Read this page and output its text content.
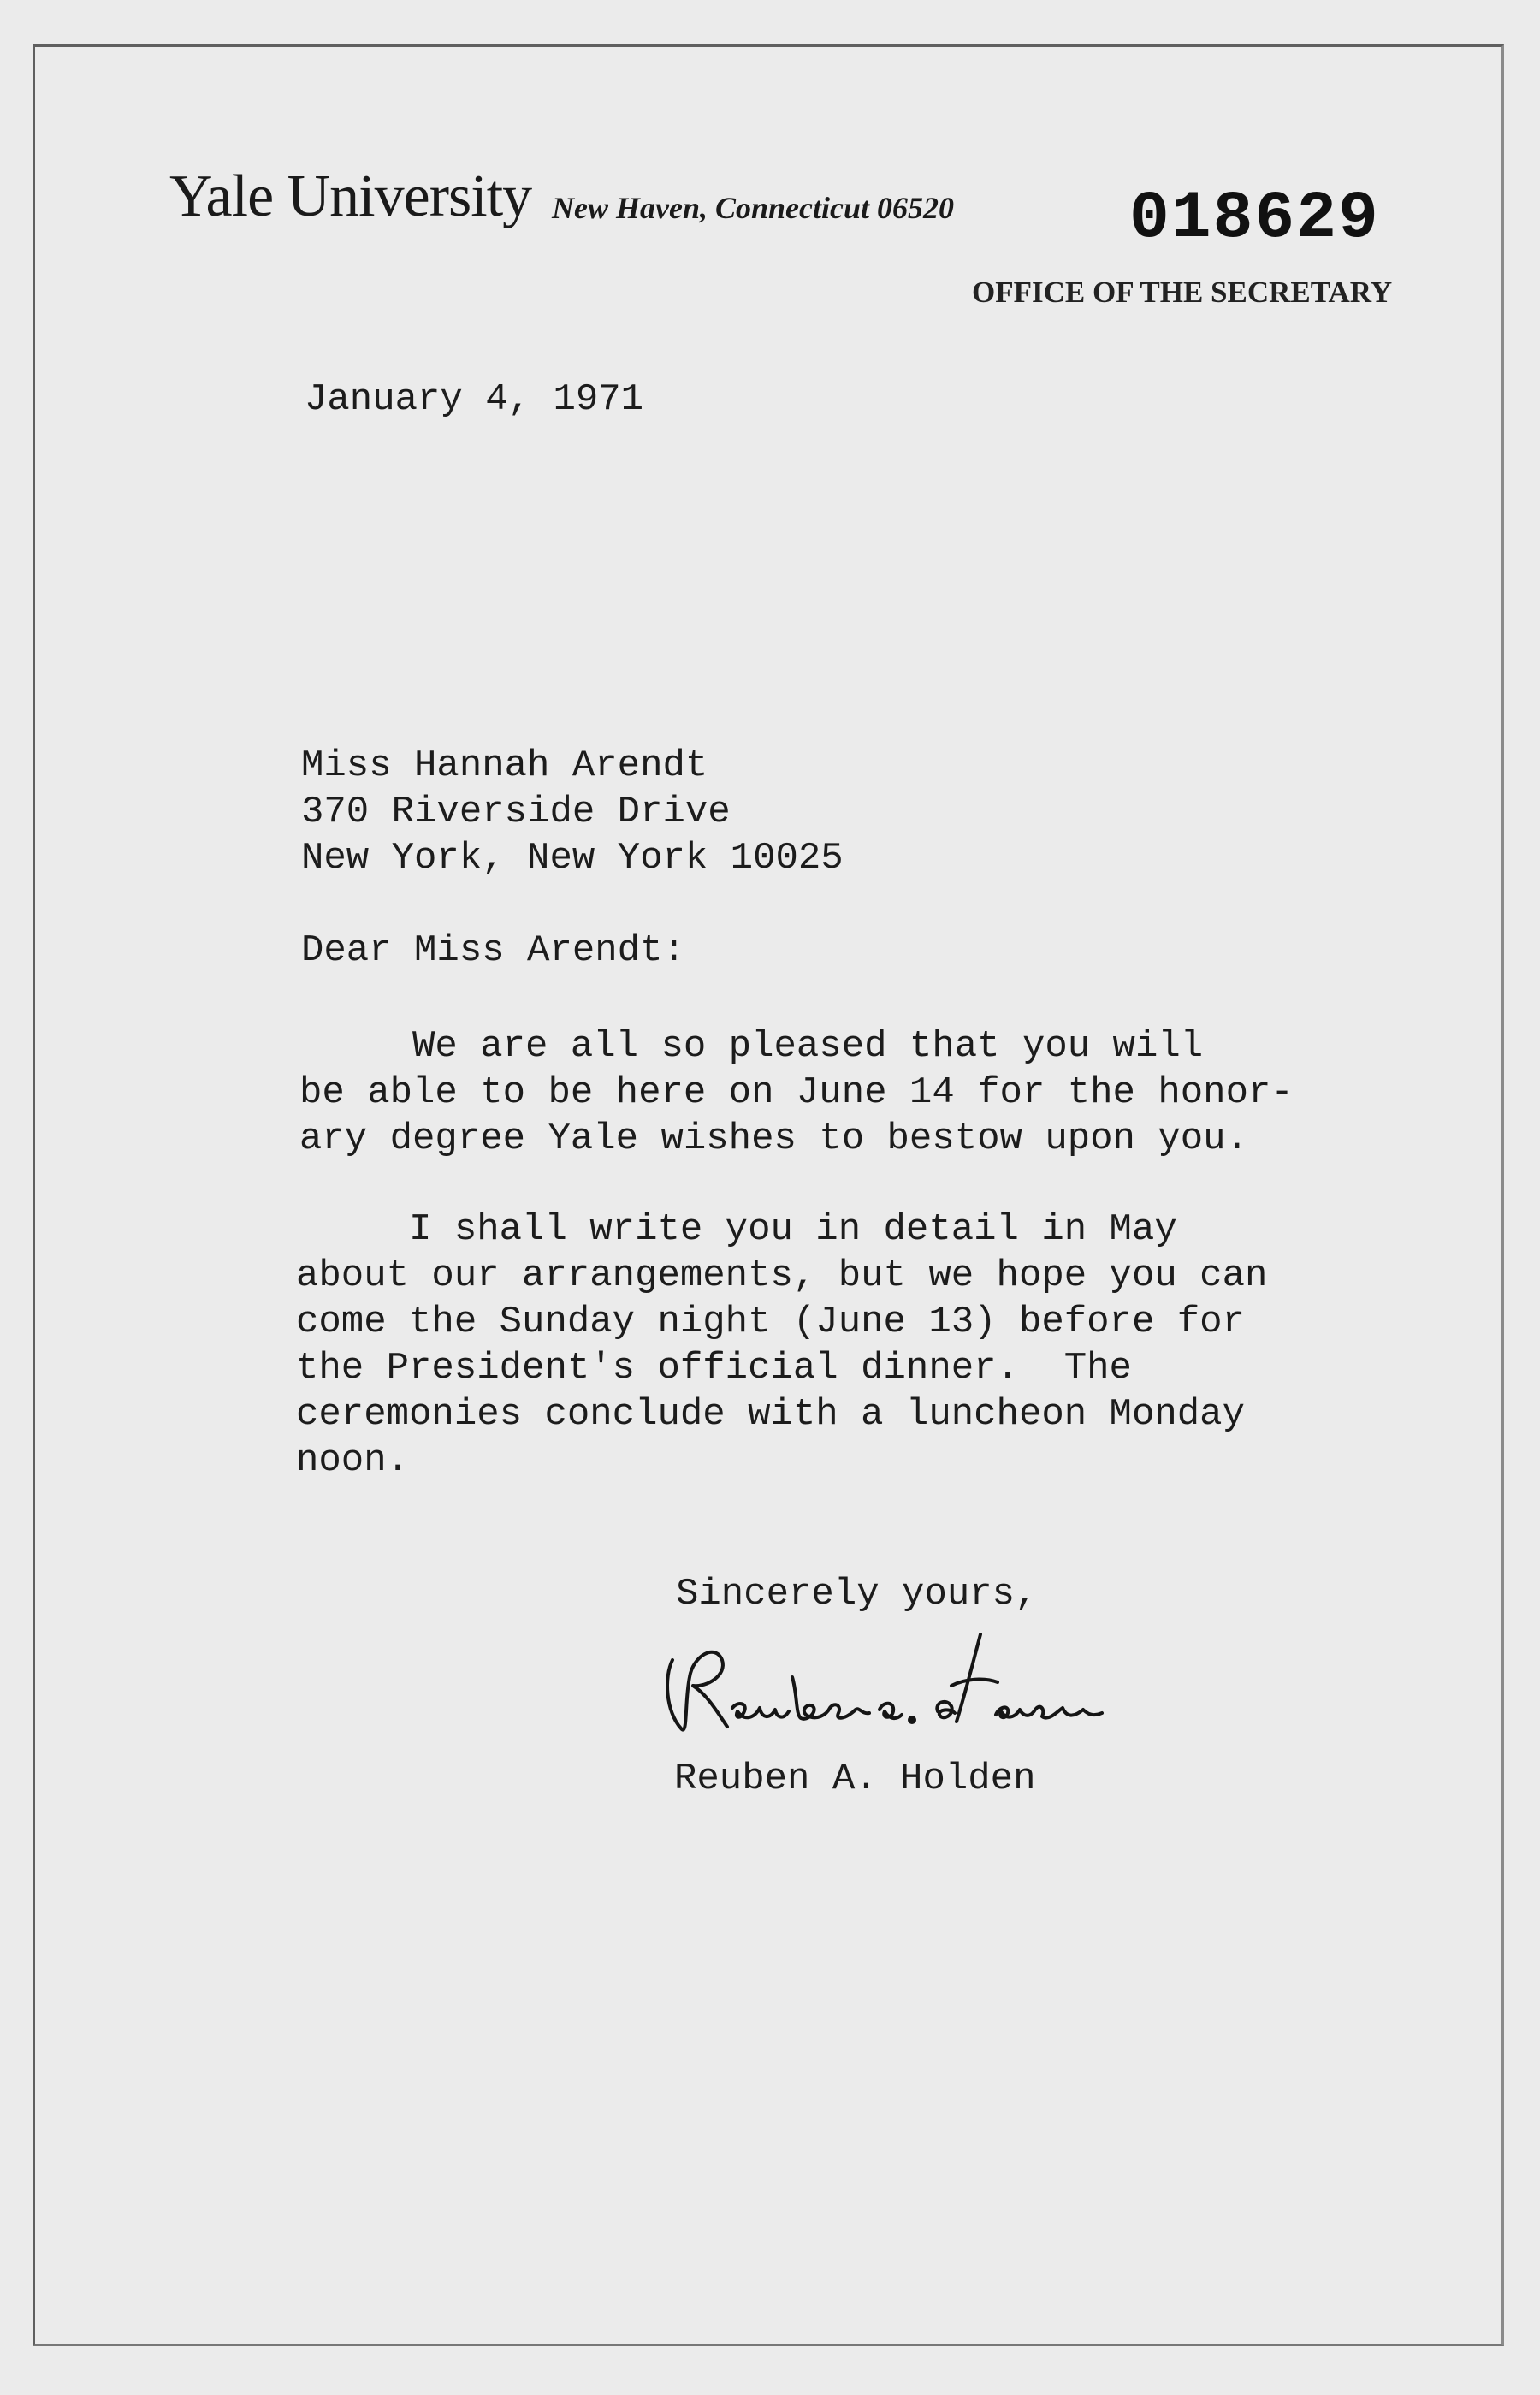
Yale University New Haven, Connecticut 06520	018629
OFFICE OF THE SECRETARY
January 4, 1971
Miss Hannah Arendt
370 Riverside Drive
New York, New York 10025
Dear Miss Arendt:
We are all so pleased that you will
be able to be here on June 14 for the honor-
ary degree Yale wishes to bestow upon you.
I shall write you in detail in May
about our arrangements, but we hope you can
come the Sunday night (June 13) before for
the President's official dinner.  The
ceremonies conclude with a luncheon Monday
noon.
Sincerely yours,
Reuben A. Holden
